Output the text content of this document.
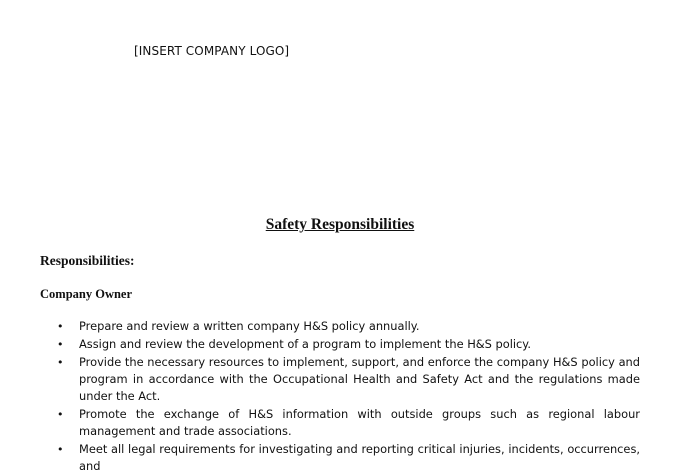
[INSERT COMPANY LOGO]
Safety Responsibilities
Responsibilities:
Company Owner
• Prepare and review a written company H&S policy annually.
• Assign and review the development of a program to implement the H&S policy.
• Provide the necessary resources to implement, support, and enforce the company H&S policy and program in accordance with the Occupational Health and Safety Act and the regulations made under the Act.
• Promote the exchange of H&S information with outside groups such as regional labour management and trade associations.
• Meet all legal requirements for investigating and reporting critical injuries, incidents, occurrences, and
